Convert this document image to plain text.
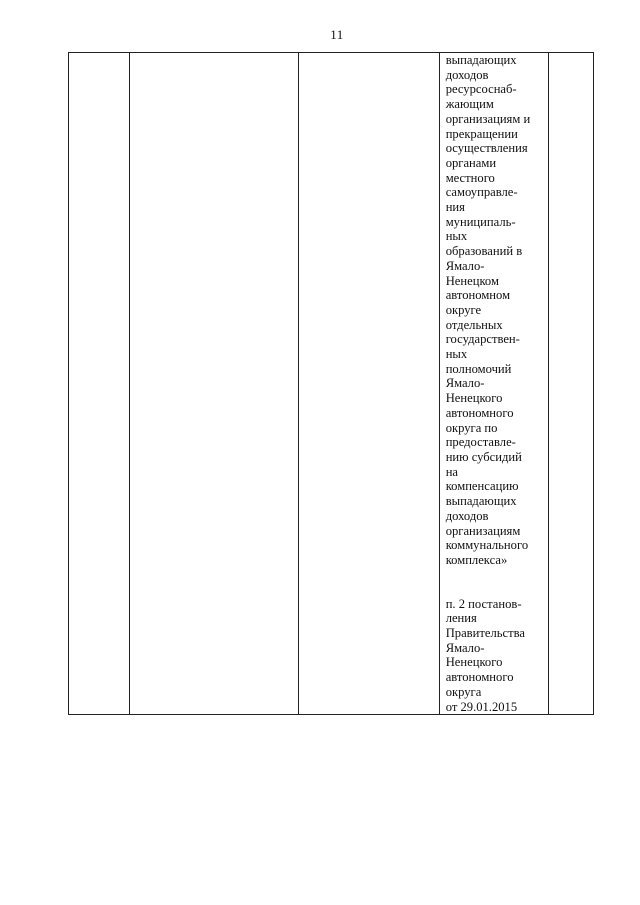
11

выпадающих
доходов
ресурсоснаб-
жающим
организациям и
прекращении
осуществления
органами
местного
самоуправле-
ния
муниципаль-
ных
образований в
Ямало-
Ненецком
автономном
округе
отдельных
государствен-
ных
полномочий
Ямало-
Ненецкого
автономного
округа по
предоставле-
нию субсидий
на
компенсацию
выпадающих
доходов
организациям
коммунального
комплекса»
п. 2 постанов-
ления
Правительства
Ямало-
Ненецкого
автономного
округа
от 29.01.2015
